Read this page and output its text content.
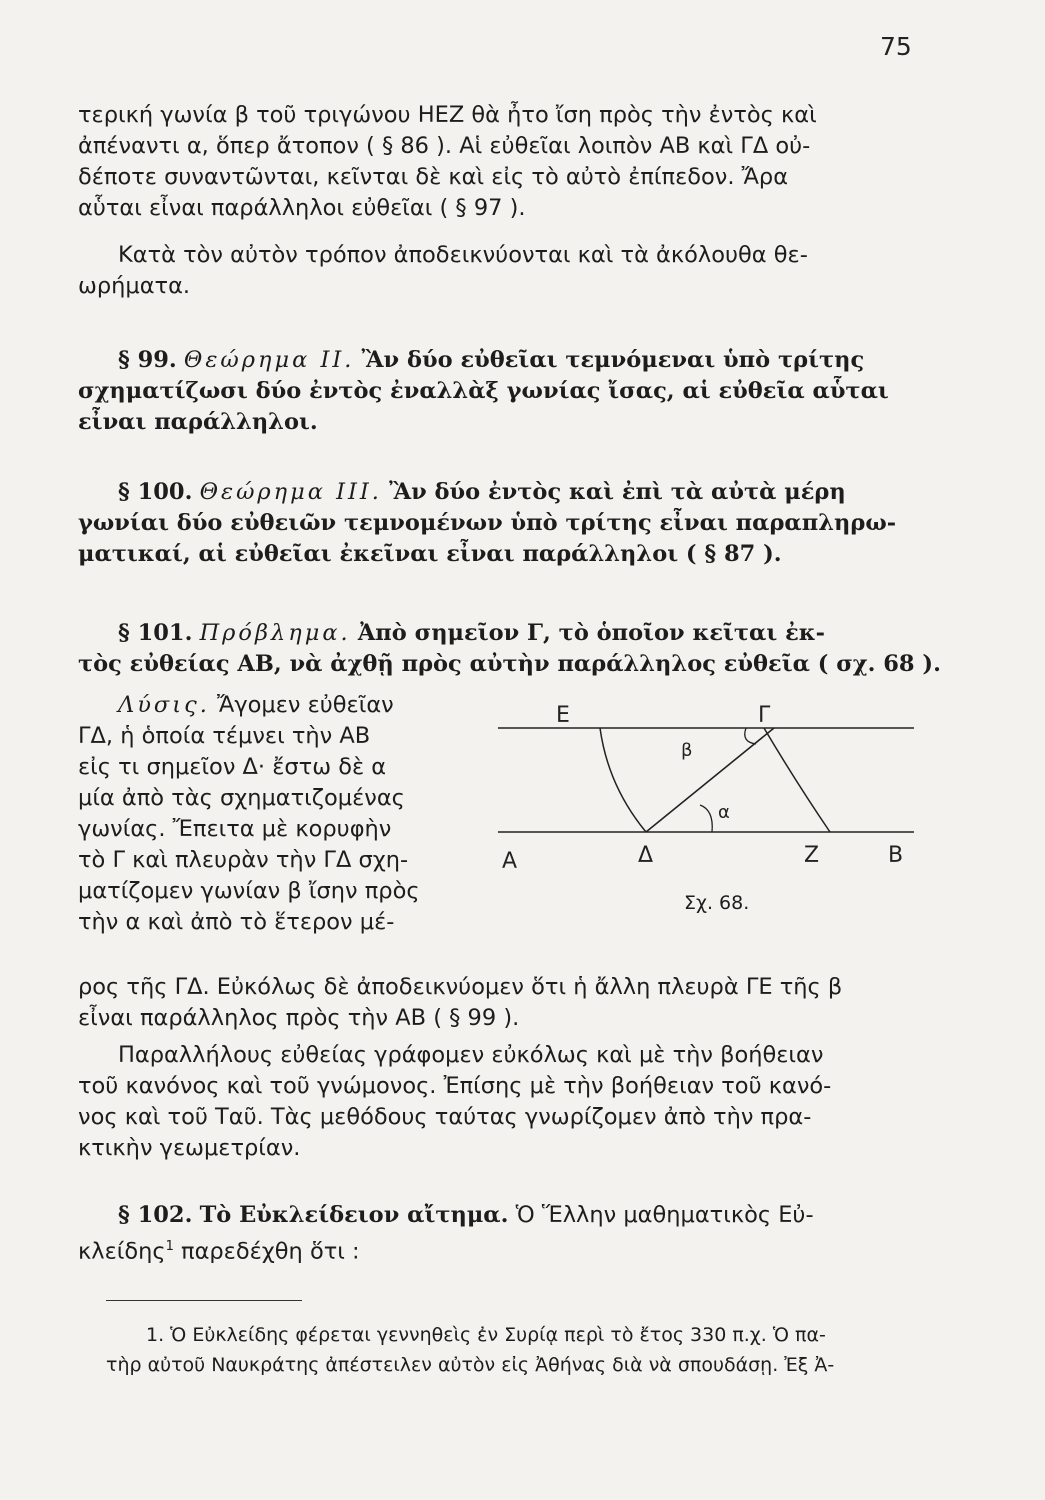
75
τερική γωνία β τοῦ τριγώνου ΗΕΖ θὰ ἦτο ἴση πρὸς τὴν ἐντὸς καὶ
ἀπέναντι α, ὅπερ ἄτοπον ( § 86 ). Αἱ εὐθεῖαι λοιπὸν ΑΒ καὶ ΓΔ οὐ-
δέποτε συναντῶνται, κεῖνται δὲ καὶ εἰς τὸ αὐτὸ ἐπίπεδον. Ἄρα
αὗται εἶναι παράλληλοι εὐθεῖαι ( § 97 ).
Κατὰ τὸν αὐτὸν τρόπον ἀποδεικνύονται καὶ τὰ ἀκόλουθα θε-
ωρήματα.
§ 99. Θεώρημα ΙΙ. Ἂν δύο εὐθεῖαι τεμνόμεναι ὑπὸ τρίτης
σχηματίζωσι δύο ἐντὸς ἐναλλὰξ γωνίας ἴσας, αἱ εὐθεῖα αὗται
εἶναι παράλληλοι.
§ 100. Θεώρημα ΙΙΙ. Ἂν δύο ἐντὸς καὶ ἐπὶ τὰ αὐτὰ μέρη
γωνίαι δύο εὐθειῶν τεμνομένων ὑπὸ τρίτης εἶναι παραπληρω-
ματικαί, αἱ εὐθεῖαι ἐκεῖναι εἶναι παράλληλοι ( § 87 ).
§ 101. Πρόβλημα. Ἀπὸ σημεῖον Γ, τὸ ὁποῖον κεῖται ἐκ-
τὸς εὐθείας ΑΒ, νὰ ἀχθῇ πρὸς αὐτὴν παράλληλος εὐθεῖα ( σχ. 68 ).
Λύσις. Ἄγομεν εὐθεῖαν
ΓΔ, ἡ ὁποία τέμνει τὴν ΑΒ
εἰς τι σημεῖον Δ· ἔστω δὲ α
μία ἀπὸ τὰς σχηματιζομένας
γωνίας. Ἔπειτα μὲ κορυφὴν
τὸ Γ καὶ πλευρὰν τὴν ΓΔ σχη-
ματίζομεν γωνίαν β ἴσην πρὸς
τὴν α καὶ ἀπὸ τὸ ἕτερον μέ-
Ε	Γ
Α	Δ	Ζ	Β
β
α
Σχ. 68.
ρος τῆς ΓΔ. Εὐκόλως δὲ ἀποδεικνύομεν ὅτι ἡ ἄλλη πλευρὰ ΓΕ τῆς β
εἶναι παράλληλος πρὸς τὴν ΑΒ ( § 99 ).
Παραλλήλους εὐθείας γράφομεν εὐκόλως καὶ μὲ τὴν βοήθειαν
τοῦ κανόνος καὶ τοῦ γνώμονος. Ἐπίσης μὲ τὴν βοήθειαν τοῦ κανό-
νος καὶ τοῦ Ταῦ. Τὰς μεθόδους ταύτας γνωρίζομεν ἀπὸ τὴν πρα-
κτικὴν γεωμετρίαν.
§ 102. Τὸ Εὐκλείδειον αἴτημα. Ὁ Ἕλλην μαθηματικὸς Εὐ-
κλείδης$^1$ παρεδέχθη ὅτι :
1. Ὁ Εὐκλείδης φέρεται γεννηθεὶς ἐν Συρίᾳ περὶ τὸ ἔτος 330 π.χ. Ὁ πα-
τὴρ αὐτοῦ Ναυκράτης ἀπέστειλεν αὐτὸν εἰς Ἀθήνας διὰ νὰ σπουδάσῃ. Ἐξ Ἀ-
